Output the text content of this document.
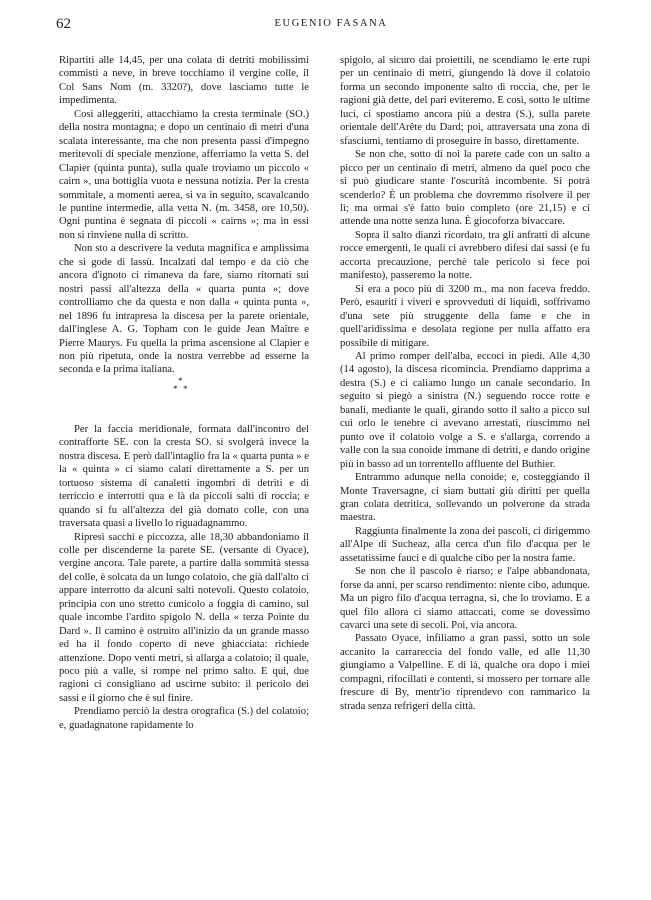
62	EUGENIO FASANA

Ripartiti alle 14,45, per una colata di detriti mobilissimi commisti a neve, in breve tocchiamo il vergine colle, il Col Sans Nom (m. 3320?), dove lasciamo tutte le impedimenta.

Così alleggeriti, attacchiamo la cresta terminale (SO.) della nostra montagna; e dopo un centinaio di metri d'una scalata interessante, ma che non presenta passi d'impegno meritevoli di speciale menzione, afferriamo la vetta S. del Clapier (quinta punta), sulla quale troviamo un piccolo « cairn », una bottiglia vuota e nessuna notizia. Per la cresta sommitale, a momenti aerea, si va in seguito, scavalcando le puntine intermedie, alla vetta N. (m. 3458, ore 10,50). Ogni puntina è segnata di piccoli « cairns »; ma in essi non si rinviene nulla di scritto.

Non sto a descrivere la veduta magnifica e amplissima che si gode di lassù. Incalzati dal tempo e da ciò che ancora d'ignoto ci rimaneva da fare, siamo ritornati sui nostri passi all'altezza della « quarta punta »; dove controlliamo che da questa e non dalla « quinta punta », nel 1896 fu intrapresa la discesa per la parete orientale, dall'inglese A. G. Topham con le guide Jean Maître e Pierre Maurys. Fu quella la prima ascensione al Clapier e non più ripetuta, onde la nostra verrebbe ad esserne la seconda e la prima italiana.

* *
*

Per la faccia meridionale, formata dall'incontro del contrafforte SE. con la cresta SO. si svolgerà invece la nostra discesa. E però dall'intaglio fra la « quarta punta » e la « quinta » ci siamo calati direttamente a S. per un tortuoso sistema di canaletti ingombri di detriti e di terriccio e interrotti qua e là da piccoli salti di roccia; e quando si fu all'altezza del già domato colle, con una traversata quasi a livello lo riguadagnammo.

Ripresi sacchi e piccozza, alle 18,30 abbandoniamo il colle per discenderne la parete SE. (versante di Oyace), vergine ancora. Tale parete, a partire dalla sommità stessa del colle, è solcata da un lungo colatoio, che già dall'alto ci appare interrotto da alcuni salti notevoli. Questo colatoio, principia con uno stretto cunicolo a foggia di camino, sul quale incombe l'ardito spigolo N. della « terza Pointe du Dard ». Il camino è ostruito all'inizio da un grande masso ed ha il fondo coperto di neve ghiacciata: richiede attenzione. Dopo venti metri, si allarga a colatoio; il quale, poco più a valle, si rompe nel primo salto. E qui, due ragioni ci consigliano ad uscirne subito: il pericolo dei sassi e il giorno che è sul finire.

Prendiamo perciò la destra orografica (S.) del colatoio; e, guadagnatone rapidamente lo

spigolo, al sicuro dai proiettili, ne scendiamo le erte rupi per un centinaio di metri, giungendo là dove il colatoio forma un secondo imponente salto di roccia, che, per le ragioni già dette, del pari eviteremo. E così, sotto le ultime luci, ci spostiamo ancora più a destra (S.), sulla parete orientale dell'Arête du Dard; poi, attraversata una zona di sfasciumi, tentiamo di proseguire in basso, direttamente.

Se non che, sotto di noi la parete cade con un salto a picco per un centinaio di metri, almeno da quel poco che si può giudicare stante l'oscurità incombente. Si potrà scenderlo? È un problema che dovremmo risolvere il per lì; ma ormai s'è fatto buio completo (ore 21,15) e ci attende una notte senza luna. È giocoforza bivaccare.

Sopra il salto dianzi ricordato, tra gli anfratti di alcune rocce emergenti, le quali ci avrebbero difesi dai sassi (e fu accorta precauzione, perchè tale pericolo si fece poi manifesto), passeremo la notte.

Si era a poco più di 3200 m., ma non faceva freddo. Però, esauriti i viveri e sprovveduti di liquidi, soffrivamo d'una sete più struggente della fame e che in quell'aridissima e desolata regione per nulla affatto era possibile di mitigare.

Al primo romper dell'alba, eccoci in piedi. Alle 4,30 (14 agosto), la discesa ricomincia. Prendiamo dapprima a destra (S.) e ci caliamo lungo un canale secondario. In seguito si piegò a sinistra (N.) seguendo rocce rotte e banali, mediante le quali, girando sotto il salto a picco sul cui orlo le tenebre ci avevano arrestati, riuscimmo nel punto ove il colatoio volge a S. e s'allarga, correndo a valle con la sua conoide immane di detriti, e dando origine più in basso ad un torrentello affluente del Buthier.

Entrammo adunque nella conoide; e, costeggiando il Monte Traversagne, ci siam buttati giù diritti per quella gran colata detritica, sollevando un polverone da strada maestra.

Raggiunta finalmente la zona dei pascoli, ci dirigemmo all'Alpe di Sucheaz, alla cerca d'un filo d'acqua per le assetatissime fauci e di qualche cibo per la nostra fame.

Se non che il pascolo è riarso; e l'alpe abbandonata, forse da anni, per scarso rendimento: niente cibo, adunque. Ma un pigro filo d'acqua terragna, sì, che lo troviamo. E a quel filo allora ci siamo attaccati, come se dovessimo cavarci una sete di secoli. Poi, via ancora.

Passato Oyace, infiliamo a gran passi, sotto un sole accanito la carrareccia del fondo valle, ed alle 11,30 giungiamo a Valpelline. E di là, qualche ora dopo i miei compagni, rifocillati e contenti, si mossero per tornare alle frescure di By, mentr'io riprendevo con rammarico la strada senza refrigeri della città.
